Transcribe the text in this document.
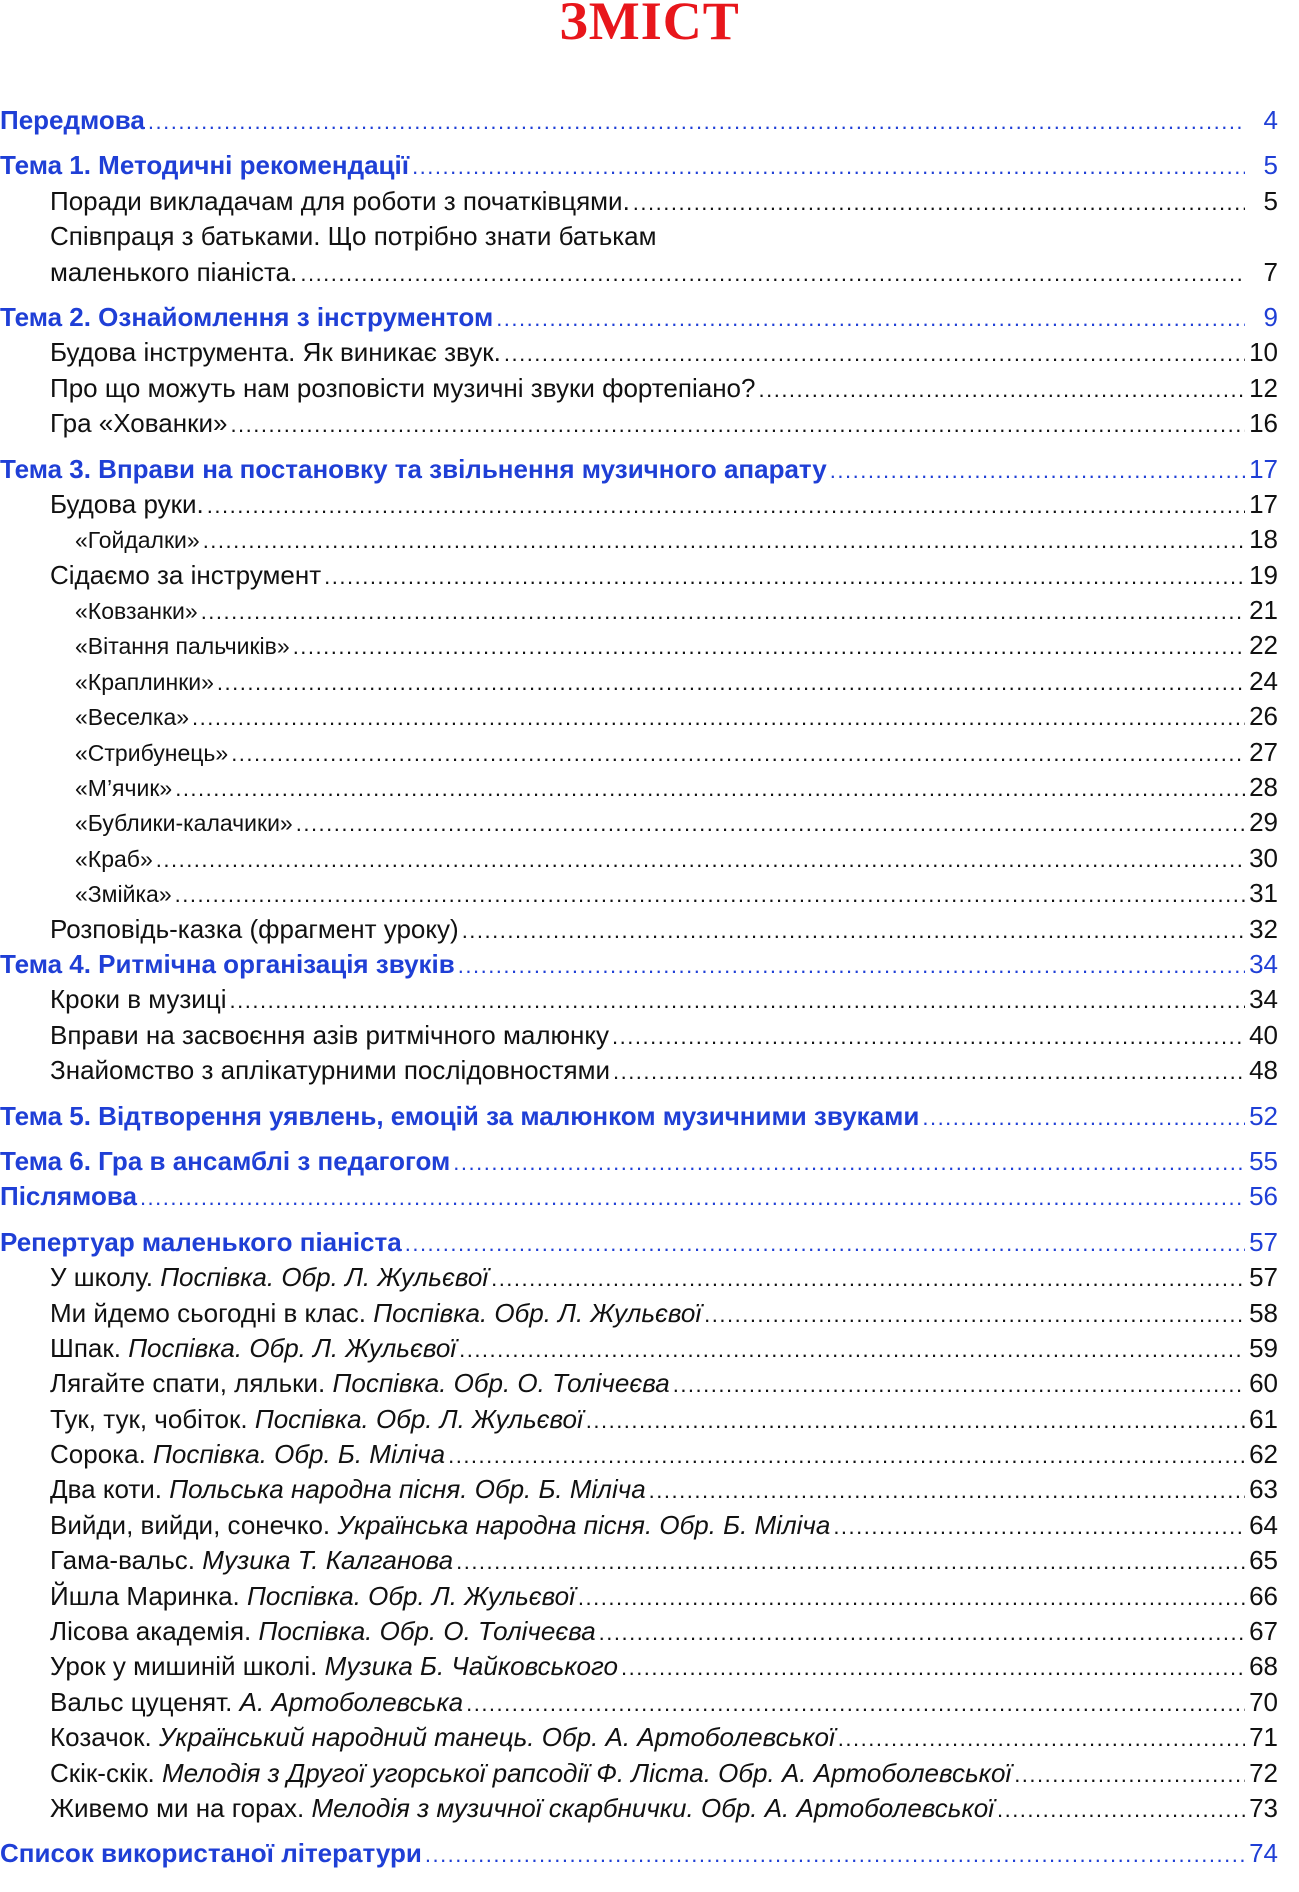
ЗМІСТ
Передмова .....	4
Тема 1. Методичні рекомендації .....	5
Поради викладачам для роботи з початківцями. .....	5
Співпраця з батьками. Що потрібно знати батькам
маленького піаніста. .....	7
Тема 2. Ознайомлення з інструментом .....	9
Будова інструмента. Як виникає звук. .....	10
Про що можуть нам розповісти музичні звуки фортепіано? .....	12
Гра «Хованки» .....	16
Тема 3. Вправи на постановку та звільнення музичного апарату .....	17
Будова руки. .....	17
«Гойдалки» .....	18
Сідаємо за інструмент .....	19
«Ковзанки» .....	21
«Вітання пальчиків» .....	22
«Краплинки» .....	24
«Веселка» .....	26
«Стрибунець» .....	27
«М’ячик» .....	28
«Бублики-калачики» .....	29
«Краб» .....	30
«Змійка» .....	31
Розповідь-казка (фрагмент уроку) .....	32
Тема 4. Ритмічна організація звуків .....	34
Кроки в музиці .....	34
Вправи на засвоєння азів ритмічного малюнку .....	40
Знайомство з аплікатурними послідовностями .....	48
Тема 5. Відтворення уявлень, емоцій за малюнком музичними звуками .....	52
Тема 6. Гра в ансамблі з педагогом .....	55
Післямова .....	56
Репертуар маленького піаніста .....	57
У школу. Поспівка. Обр. Л. Жульєвої .....	57
Ми йдемо сьогодні в клас. Поспівка. Обр. Л. Жульєвої .....	58
Шпак. Поспівка. Обр. Л. Жульєвої .....	59
Лягайте спати, ляльки. Поспівка. Обр. О. Толічеєва .....	60
Тук, тук, чобіток. Поспівка. Обр. Л. Жульєвої .....	61
Сорока. Поспівка. Обр. Б. Міліча .....	62
Два коти. Польська народна пісня. Обр. Б. Міліча .....	63
Вийди, вийди, сонечко. Українська народна пісня. Обр. Б. Міліча .....	64
Гама-вальс. Музика Т. Калганова .....	65
Йшла Маринка. Поспівка. Обр. Л. Жульєвої .....	66
Лісова академія. Поспівка. Обр. О. Толічеєва .....	67
Урок у мишиній школі. Музика Б. Чайковського .....	68
Вальс цуценят. А. Артоболевська .....	70
Козачок. Український народний танець. Обр. А. Артоболевської .....	71
Скік-скік. Мелодія з Другої угорської рапсодії Ф. Ліста. Обр. А. Артоболевської .....	72
Живемо ми на горах. Мелодія з музичної скарбнички. Обр. А. Артоболевської .....	73
Список використаної літератури .....	74
